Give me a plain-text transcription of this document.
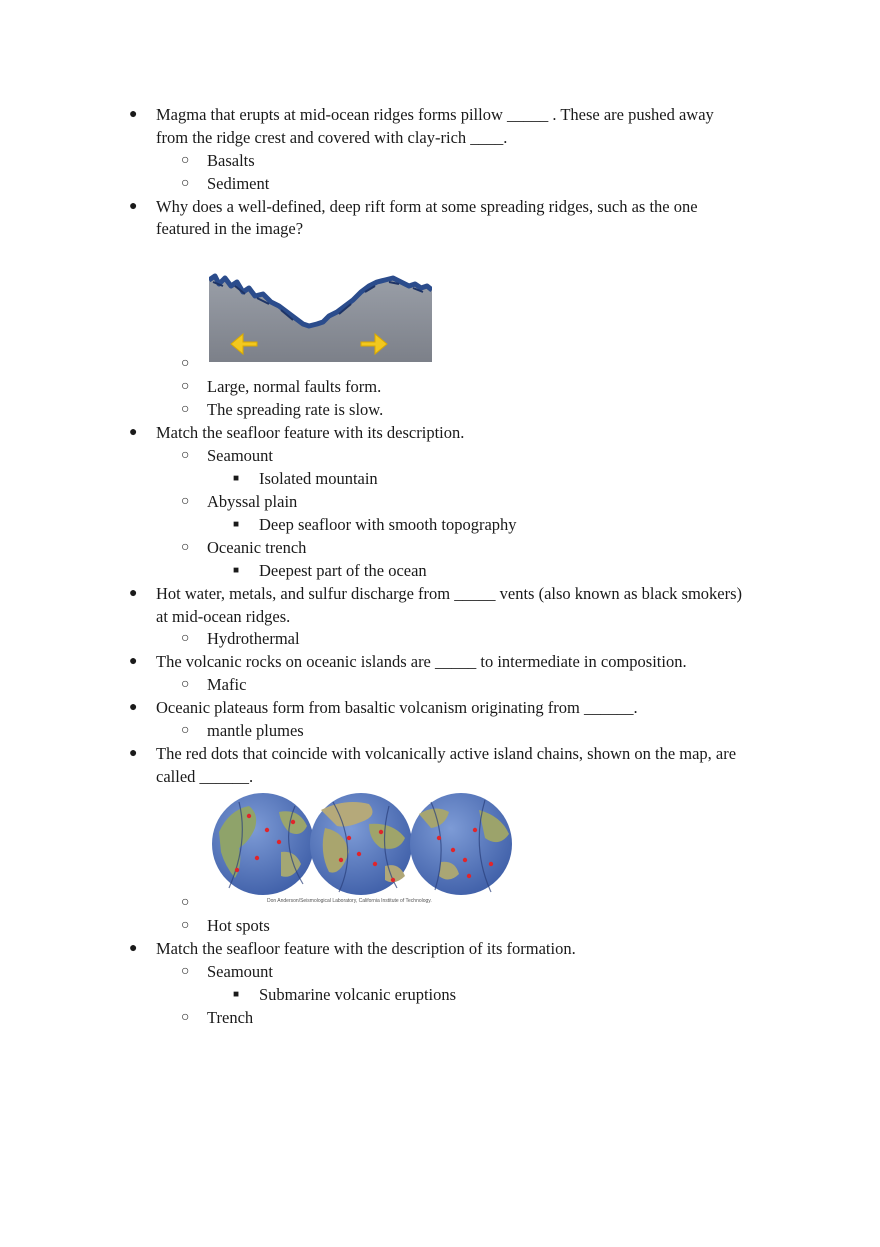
● Magma that erupts at mid-ocean ridges forms pillow _____ . These are pushed away
from the ridge crest and covered with clay-rich ____.
○ Basalts
○ Sediment
● Why does a well-defined, deep rift form at some spreading ridges, such as the one
featured in the image?
○
○ Large, normal faults form.
○ The spreading rate is slow.
● Match the seafloor feature with its description.
○ Seamount
■ Isolated mountain
○ Abyssal plain
■ Deep seafloor with smooth topography
○ Oceanic trench
■ Deepest part of the ocean
● Hot water, metals, and sulfur discharge from _____ vents (also known as black smokers)
at mid-ocean ridges.
○ Hydrothermal
● The volcanic rocks on oceanic islands are _____ to intermediate in composition.
○ Mafic
● Oceanic plateaus form from basaltic volcanism originating from ______.
○ mantle plumes
● The red dots that coincide with volcanically active island chains, shown on the map, are
called ______.
Don Anderson/Seismological Laboratory, California Institute of Technology.
○
○ Hot spots
● Match the seafloor feature with the description of its formation.
○ Seamount
■ Submarine volcanic eruptions
○ Trench
